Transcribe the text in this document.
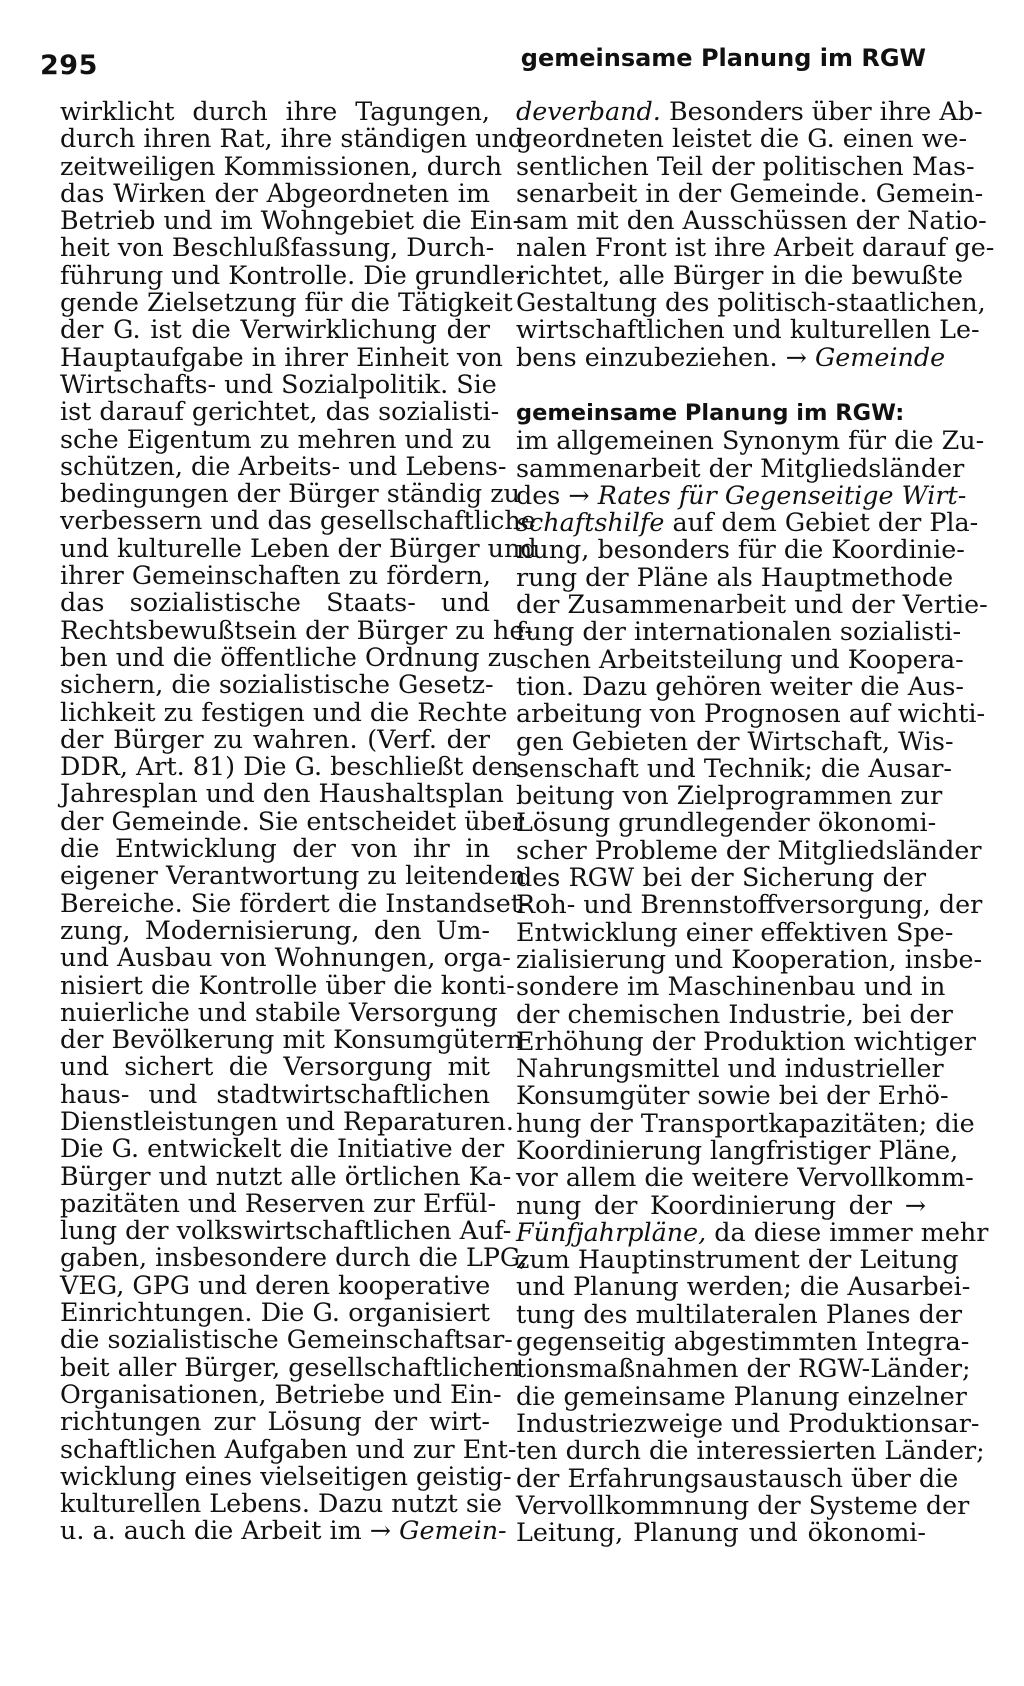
295	gemeinsame Planung im RGW
wirklicht durch ihre Tagungen,
durch ihren Rat, ihre ständigen und
zeitweiligen Kommissionen, durch
das Wirken der Abgeordneten im
Betrieb und im Wohngebiet die Ein-
heit von Beschlußfassung, Durch-
führung und Kontrolle. Die grundle-
gende Zielsetzung für die Tätigkeit
der G. ist die Verwirklichung der
Hauptaufgabe in ihrer Einheit von
Wirtschafts- und Sozialpolitik. Sie
ist darauf gerichtet, das sozialisti-
sche Eigentum zu mehren und zu
schützen, die Arbeits- und Lebens-
bedingungen der Bürger ständig zu
verbessern und das gesellschaftliche
und kulturelle Leben der Bürger und
ihrer Gemeinschaften zu fördern,
das sozialistische Staats- und
Rechtsbewußtsein der Bürger zu he-
ben und die öffentliche Ordnung zu
sichern, die sozialistische Gesetz-
lichkeit zu festigen und die Rechte
der Bürger zu wahren. (Verf. der
DDR, Art. 81) Die G. beschließt den
Jahresplan und den Haushaltsplan
der Gemeinde. Sie entscheidet über
die Entwicklung der von ihr in
eigener Verantwortung zu leitenden
Bereiche. Sie fördert die Instandset-
zung, Modernisierung, den Um-
und Ausbau von Wohnungen, orga-
nisiert die Kontrolle über die konti-
nuierliche und stabile Versorgung
der Bevölkerung mit Konsumgütern
und sichert die Versorgung mit
haus- und stadtwirtschaftlichen
Dienstleistungen und Reparaturen.
Die G. entwickelt die Initiative der
Bürger und nutzt alle örtlichen Ka-
pazitäten und Reserven zur Erfül-
lung der volkswirtschaftlichen Auf-
gaben, insbesondere durch die LPG,
VEG, GPG und deren kooperative
Einrichtungen. Die G. organisiert
die sozialistische Gemeinschaftsar-
beit aller Bürger, gesellschaftlichen
Organisationen, Betriebe und Ein-
richtungen zur Lösung der wirt-
schaftlichen Aufgaben und zur Ent-
wicklung eines vielseitigen geistig-
kulturellen Lebens. Dazu nutzt sie
u. a. auch die Arbeit im → Gemein-
deverband. Besonders über ihre Ab-
geordneten leistet die G. einen we-
sentlichen Teil der politischen Mas-
senarbeit in der Gemeinde. Gemein-
sam mit den Ausschüssen der Natio-
nalen Front ist ihre Arbeit darauf ge-
richtet, alle Bürger in die bewußte
Gestaltung des politisch-staatlichen,
wirtschaftlichen und kulturellen Le-
bens einzubeziehen. → Gemeinde
gemeinsame Planung im RGW:
im allgemeinen Synonym für die Zu-
sammenarbeit der Mitgliedsländer
des → Rates für Gegenseitige Wirt-
schaftshilfe auf dem Gebiet der Pla-
nung, besonders für die Koordinie-
rung der Pläne als Hauptmethode
der Zusammenarbeit und der Vertie-
fung der internationalen sozialisti-
schen Arbeitsteilung und Koopera-
tion. Dazu gehören weiter die Aus-
arbeitung von Prognosen auf wichti-
gen Gebieten der Wirtschaft, Wis-
senschaft und Technik; die Ausar-
beitung von Zielprogrammen zur
Lösung grundlegender ökonomi-
scher Probleme der Mitgliedsländer
des RGW bei der Sicherung der
Roh- und Brennstoffversorgung, der
Entwicklung einer effektiven Spe-
zialisierung und Kooperation, insbe-
sondere im Maschinenbau und in
der chemischen Industrie, bei der
Erhöhung der Produktion wichtiger
Nahrungsmittel und industrieller
Konsumgüter sowie bei der Erhö-
hung der Transportkapazitäten; die
Koordinierung langfristiger Pläne,
vor allem die weitere Vervollkomm-
nung der Koordinierung der →
Fünfjahrpläne, da diese immer mehr
zum Hauptinstrument der Leitung
und Planung werden; die Ausarbei-
tung des multilateralen Planes der
gegenseitig abgestimmten Integra-
tionsmaßnahmen der RGW-Länder;
die gemeinsame Planung einzelner
Industriezweige und Produktionsar-
ten durch die interessierten Länder;
der Erfahrungsaustausch über die
Vervollkommnung der Systeme der
Leitung, Planung und ökonomi-
